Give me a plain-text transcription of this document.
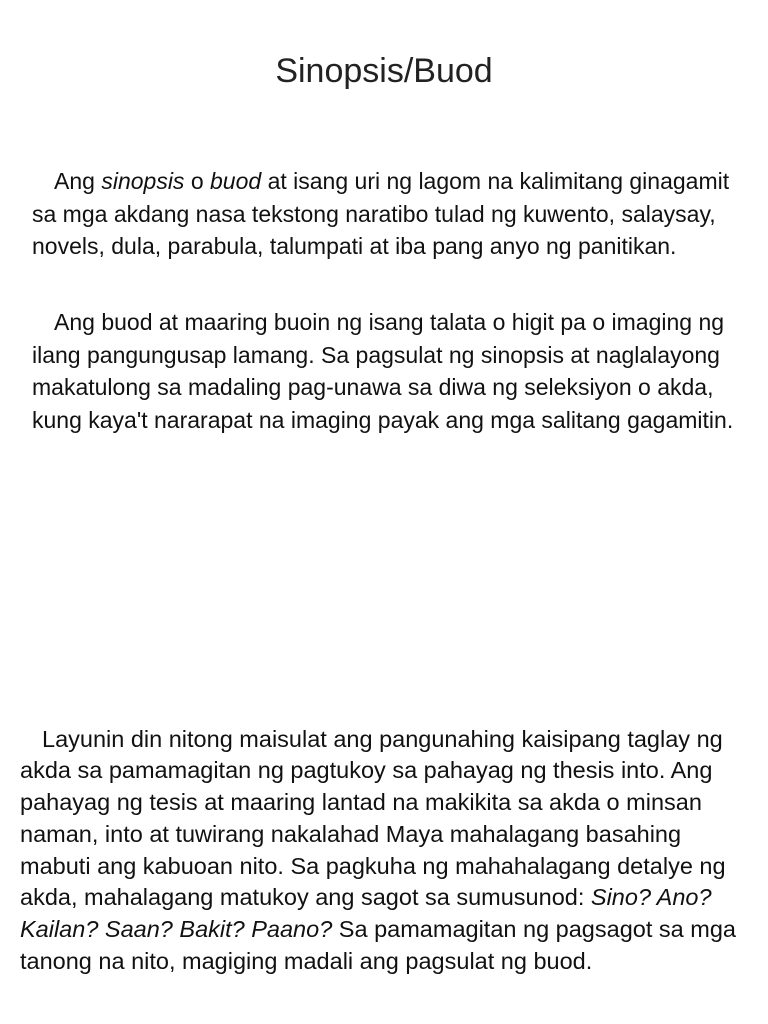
Sinopsis/Buod

Ang sinopsis o buod at isang uri ng lagom na kalimitang ginagamit sa mga akdang nasa tekstong naratibo tulad ng kuwento, salaysay, novels, dula, parabula, talumpati at iba pang anyo ng panitikan.

Ang buod at maaring buoin ng isang talata o higit pa o imaging ng ilang pangungusap lamang. Sa pagsulat ng sinopsis at naglalayong makatulong sa madaling pag-unawa sa diwa ng seleksiyon o akda, kung kaya't nararapat na imaging payak ang mga salitang gagamitin.

Layunin din nitong maisulat ang pangunahing kaisipang taglay ng akda sa pamamagitan ng pagtukoy sa pahayag ng thesis into. Ang pahayag ng tesis at maaring lantad na makikita sa akda o minsan naman, into at tuwirang nakalahad Maya mahalagang basahing mabuti ang kabuoan nito. Sa pagkuha ng mahahalagang detalye ng akda, mahalagang matukoy ang sagot sa sumusunod: Sino? Ano? Kailan? Saan? Bakit? Paano? Sa pamamagitan ng pagsagot sa mga tanong na nito, magiging madali ang pagsulat ng buod.
